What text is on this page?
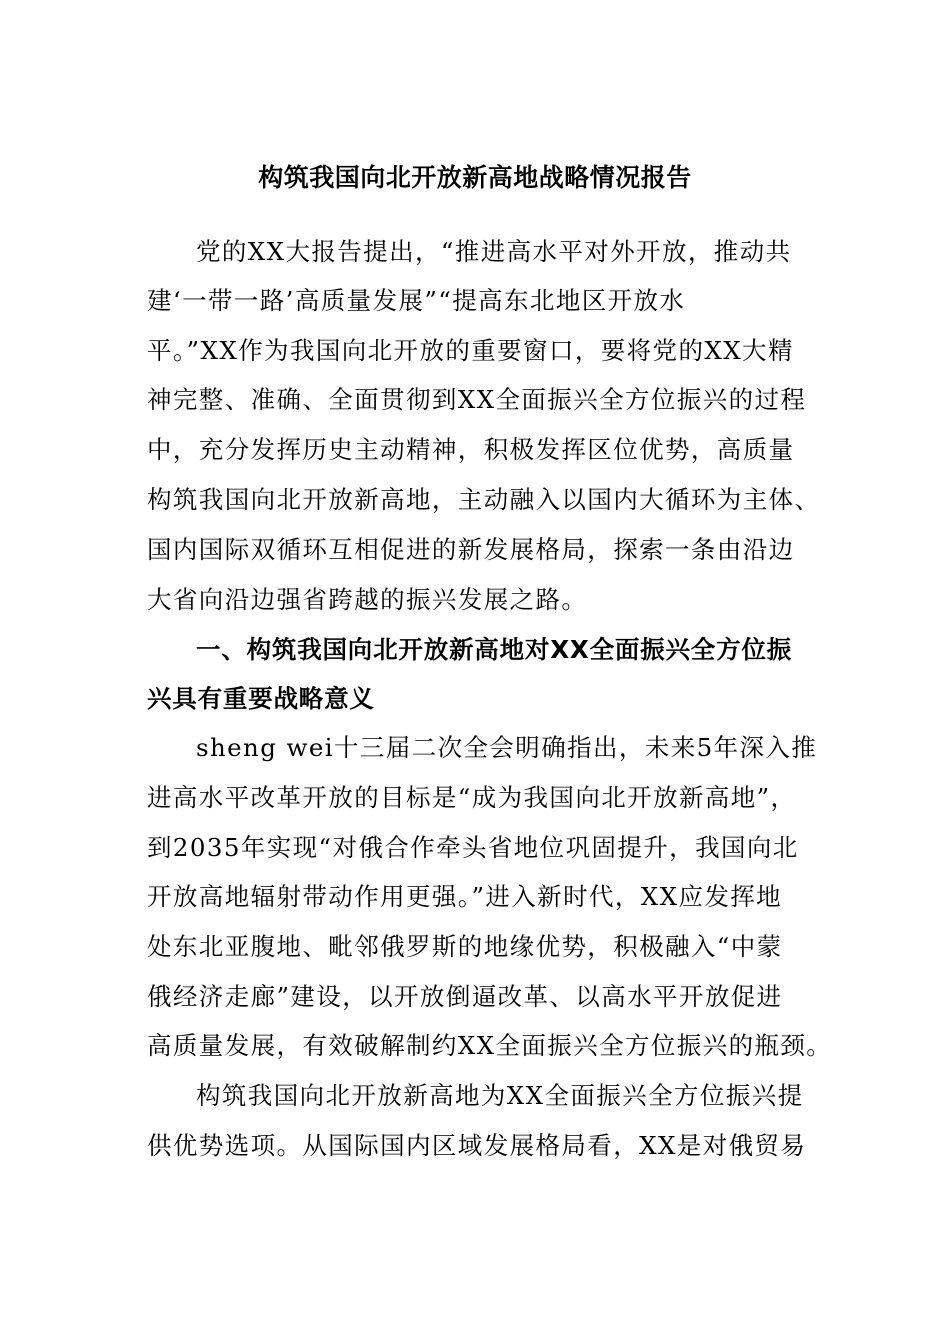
构筑我国向北开放新高地战略情况报告
党的XX大报告提出，“推进高水平对外开放，推动共
建‘一带一路’高质量发展”“提高东北地区开放水
平。”XX作为我国向北开放的重要窗口，要将党的XX大精
神完整、准确、全面贯彻到XX全面振兴全方位振兴的过程
中，充分发挥历史主动精神，积极发挥区位优势，高质量
构筑我国向北开放新高地，主动融入以国内大循环为主体、
国内国际双循环互相促进的新发展格局，探索一条由沿边
大省向沿边强省跨越的振兴发展之路。
一、构筑我国向北开放新高地对XX全面振兴全方位振
兴具有重要战略意义
sheng wei十三届二次全会明确指出，未来5年深入推
进高水平改革开放的目标是“成为我国向北开放新高地”，
到2035年实现“对俄合作牵头省地位巩固提升，我国向北
开放高地辐射带动作用更强。”进入新时代，XX应发挥地
处东北亚腹地、毗邻俄罗斯的地缘优势，积极融入“中蒙
俄经济走廊”建设，以开放倒逼改革、以高水平开放促进
高质量发展，有效破解制约XX全面振兴全方位振兴的瓶颈。
构筑我国向北开放新高地为XX全面振兴全方位振兴提
供优势选项。从国际国内区域发展格局看，XX是对俄贸易
